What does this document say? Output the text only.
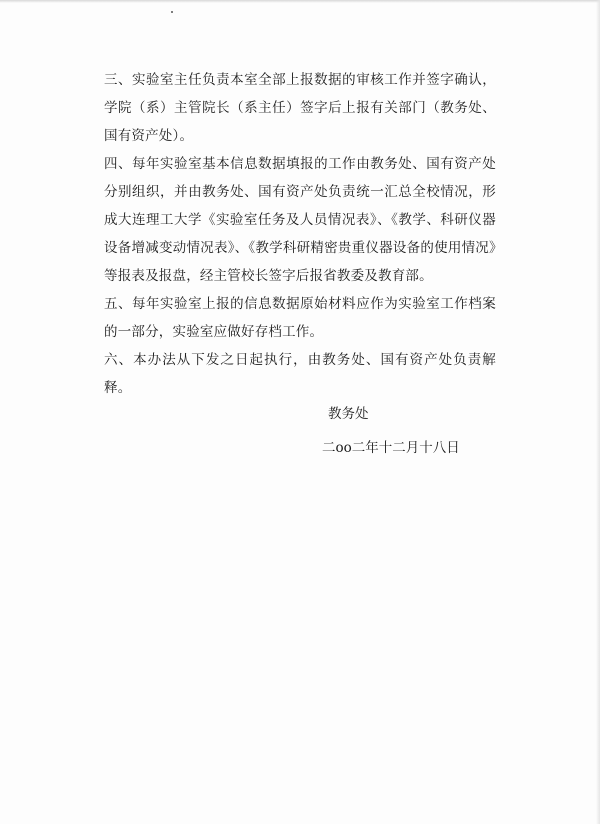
三、实验室主任负责本室全部上报数据的审核工作并签字确认，学院（系）主管院长（系主任）签字后上报有关部门（教务处、国有资产处）。

四、每年实验室基本信息数据填报的工作由教务处、国有资产处分别组织，并由教务处、国有资产处负责统一汇总全校情况，形成大连理工大学《实验室任务及人员情况表》、《教学、科研仪器设备增减变动情况表》、《教学科研精密贵重仪器设备的使用情况》等报表及报盘，经主管校长签字后报省教委及教育部。

五、每年实验室上报的信息数据原始材料应作为实验室工作档案的一部分，实验室应做好存档工作。

六、本办法从下发之日起执行，由教务处、国有资产处负责解释。

教务处

二oo二年十二月十八日
